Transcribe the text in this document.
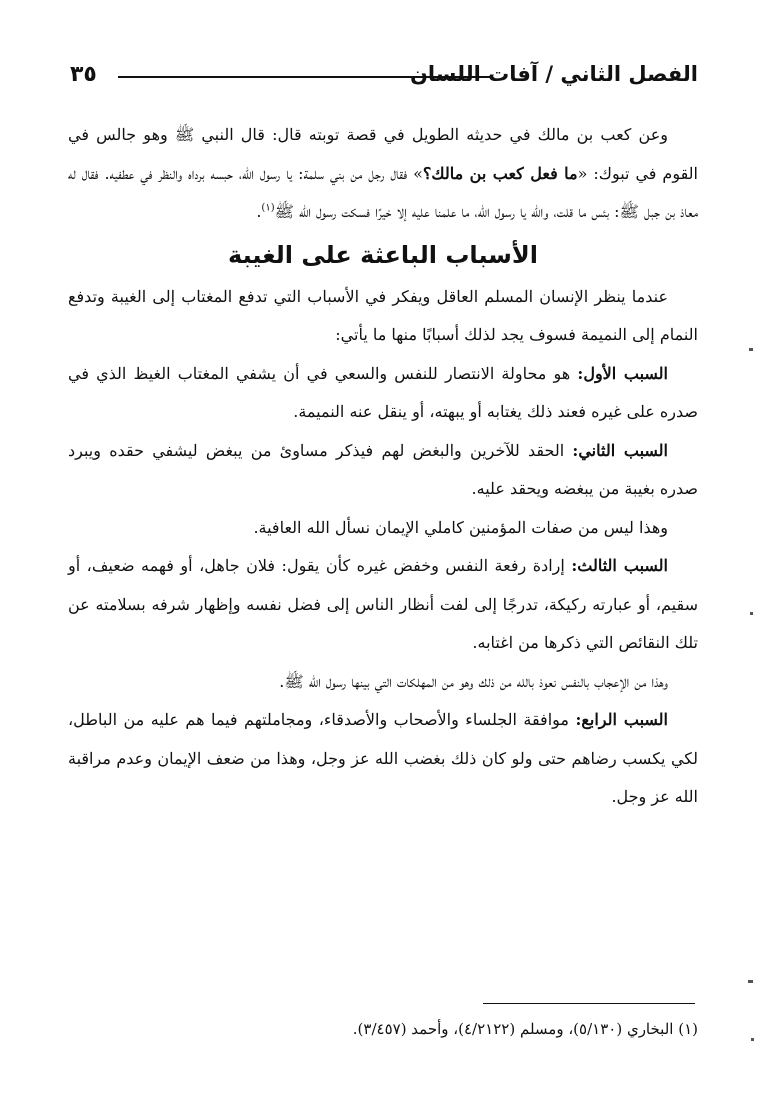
الفصل الثاني / آفات اللسان
٣٥

وعن كعب بن مالك في حديثه الطويل في قصة توبته قال: قال النبي ﷺ وهو جالس في القوم في تبوك: «ما فعل كعب بن مالك؟» فقال رجل من بني سلمة: يا رسول الله، حبسه برداه والنظر في عطفيه. فقال له معاذ بن جبل ﷺ: بئس ما قلت، والله يا رسول الله، ما علمنا عليه إلا خيرًا فسكت رسول الله ﷺ$^{(١)}$.

الأسباب الباعثة على الغيبة

عندما ينظر الإنسان المسلم العاقل ويفكر في الأسباب التي تدفع المغتاب إلى الغيبة وتدفع النمام إلى النميمة فسوف يجد لذلك أسبابًا منها ما يأتي:

السبب الأول: هو محاولة الانتصار للنفس والسعي في أن يشفي المغتاب الغيظ الذي في صدره على غيره فعند ذلك يغتابه أو يبهته، أو ينقل عنه النميمة.

السبب الثاني: الحقد للآخرين والبغض لهم فيذكر مساوئ من يبغض ليشفي حقده ويبرد صدره بغيبة من يبغضه ويحقد عليه.

وهذا ليس من صفات المؤمنين كاملي الإيمان نسأل الله العافية.

السبب الثالث: إرادة رفعة النفس وخفض غيره كأن يقول: فلان جاهل، أو فهمه ضعيف، أو سقيم، أو عبارته ركيكة، تدرجًا إلى لفت أنظار الناس إلى فضل نفسه وإظهار شرفه بسلامته عن تلك النقائص التي ذكرها من اغتابه.

وهذا من الإعجاب بالنفس نعوذ بالله من ذلك وهو من المهلكات التي بينها رسول الله ﷺ.

السبب الرابع: موافقة الجلساء والأصحاب والأصدقاء، ومجاملتهم فيما هم عليه من الباطل، لكي يكسب رضاهم حتى ولو كان ذلك بغضب الله عز وجل، وهذا من ضعف الإيمان وعدم مراقبة الله عز وجل.

(١) البخاري (٥/١٣٠)، ومسلم (٤/٢١٢٢)، وأحمد (٣/٤٥٧).
